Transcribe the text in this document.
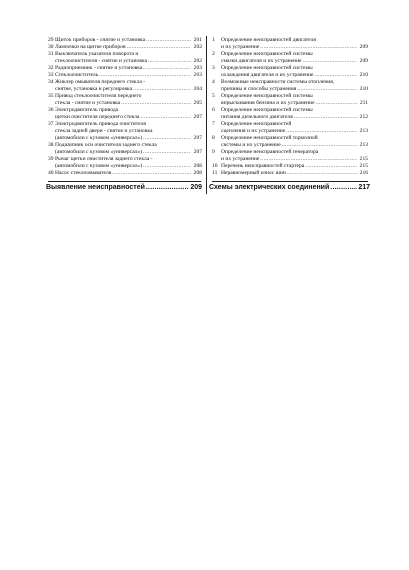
29 Щиток приборов - снятие и установка .....	201
30 Лампочки на щитке приборов .....	202
31 Выключатель указателя поворота и
стеклоочистителя - снятие и установка .....	202
32 Радиоприемник - снятие и установка .....	203
33 Стеклоочиститель .....	203
34 Жиклер омывателя переднего стекла -
снятие, установка и регулировка .....	204
35 Привод стеклоочистителя переднего
стекла - снятие и установка .....	205
36 Электродвигатель привода
щетки очистителя переднего стекла .....	207
37 Электродвигатель привода очистителя
стекла задней двери - снятие и установка
(автомобили с кузовом «универсал») .....	207
38 Подшипник оси очистителя заднего стекла
(автомобили с кузовом «универсал») .....	207
39 Рычаг щетки очистителя заднего стекла -
(автомобили с кузовом «универсал») .....	208
40 Насос стеклоомывателя .....	208
1	Определение неисправностей двигателя
и их устранение .....	209
2	Определение неисправностей системы
смазки двигателя и их устранение .....	209
3	Определение неисправностей системы
охлаждения двигателя и их устранение .....	210
4	Возможные неисправности системы отопления,
причины и способы устранения .....	210
5	Определение неисправностей системы
впрыскивания бензина и их устранение .....	211
6	Определение неисправностей системы
питания дизельного двигателя .....	212
7	Определение неисправностей
сцепления и их устранение .....	213
8	Определение неисправностей тормозной
системы и их устранение .....	213
9	Определение неисправностей генератора
и их устранение .....	215
10 Перечень неисправностей стартера .....	215
11 Неравномерный износ шин .....	216
Выявление неисправностей .....	209 Схемы электрических соединений .....	217
